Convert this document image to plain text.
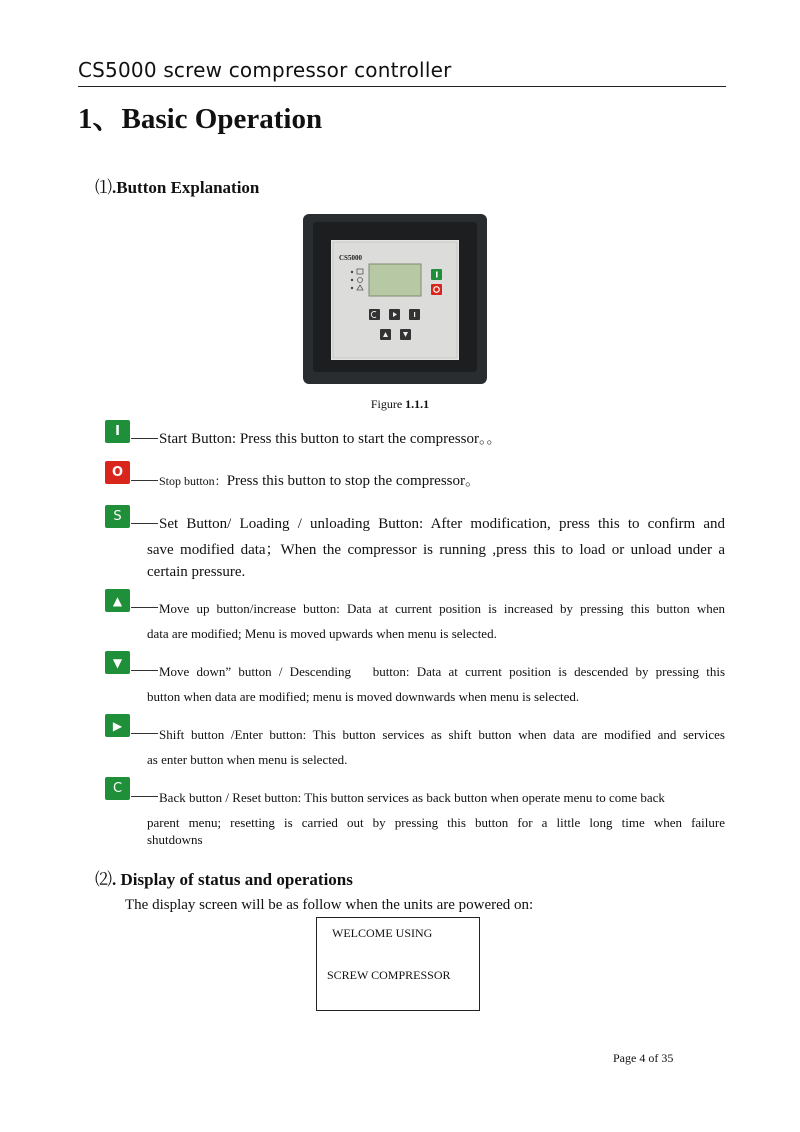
CS5000 screw compressor controller
1、Basic Operation
⑴.Button Explanation
CS5000
Figure 1.1.1
I	Start Button: Press this button to start the compressor。。
O
Stop button：Press this button to stop the compressor。
S	Set Button/ Loading / unloading Button: After modification, press this to confirm and
save modified data；When the compressor is running ,press this to load or unload under a
certain pressure.
▲
Move up button/increase button: Data at current position is increased by pressing this button when
data are modified; Menu is moved upwards when menu is selected.
▼
Move down” button / Descending   button: Data at current position is descended by pressing this
button when data are modified; menu is moved downwards when menu is selected.
▶
Shift button /Enter button: This button services as shift button when data are modified and services
as enter button when menu is selected.
C
Back button / Reset button: This button services as back button when operate menu to come back
parent menu; resetting is carried out by pressing this button for a little long time when failure
shutdowns
⑵. Display of status and operations
The display screen will be as follow when the units are powered on:
WELCOME USING
SCREW COMPRESSOR
Page 4 of 35
